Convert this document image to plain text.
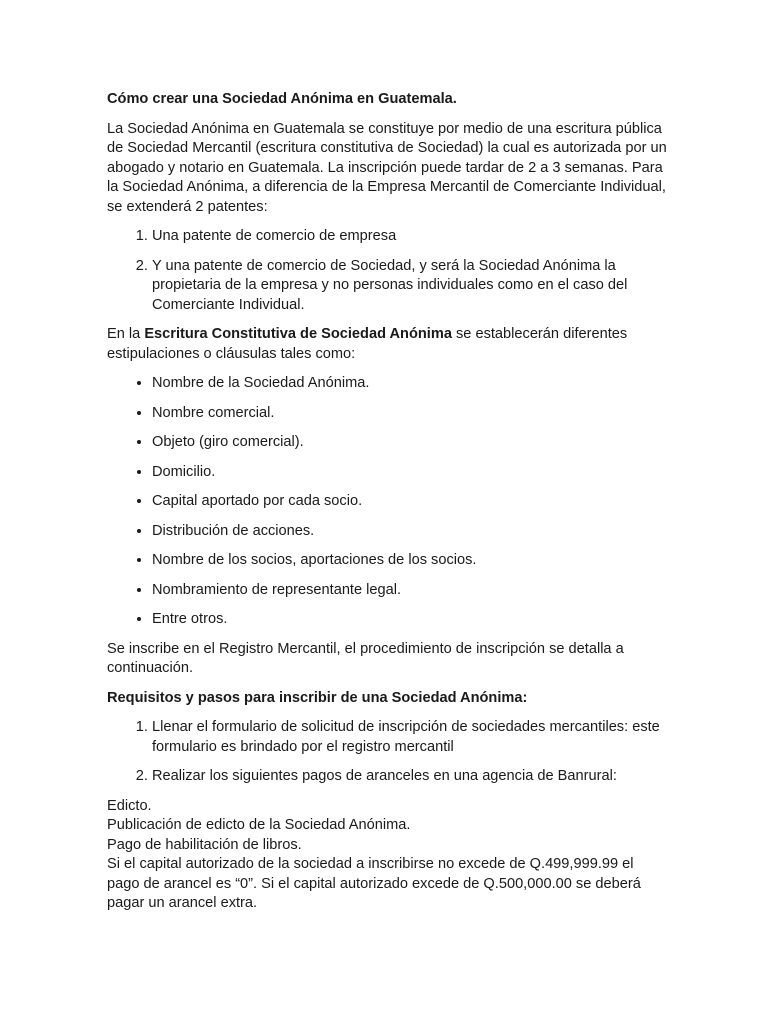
Cómo crear una Sociedad Anónima en Guatemala.

La Sociedad Anónima en Guatemala se constituye por medio de una escritura pública de Sociedad Mercantil (escritura constitutiva de Sociedad) la cual es autorizada por un abogado y notario en Guatemala. La inscripción puede tardar de 2 a 3 semanas. Para la Sociedad Anónima, a diferencia de la Empresa Mercantil de Comerciante Individual, se extenderá 2 patentes:

1. Una patente de comercio de empresa
2. Y una patente de comercio de Sociedad, y será la Sociedad Anónima la propietaria de la empresa y no personas individuales como en el caso del Comerciante Individual.

En la Escritura Constitutiva de Sociedad Anónima se establecerán diferentes estipulaciones o cláusulas tales como:

• Nombre de la Sociedad Anónima.
• Nombre comercial.
• Objeto (giro comercial).
• Domicilio.
• Capital aportado por cada socio.
• Distribución de acciones.
• Nombre de los socios, aportaciones de los socios.
• Nombramiento de representante legal.
• Entre otros.

Se inscribe en el Registro Mercantil, el procedimiento de inscripción se detalla a continuación.

Requisitos y pasos para inscribir de una Sociedad Anónima:

1. Llenar el formulario de solicitud de inscripción de sociedades mercantiles: este formulario es brindado por el registro mercantil
2. Realizar los siguientes pagos de aranceles en una agencia de Banrural:

Edicto.

Publicación de edicto de la Sociedad Anónima.

Pago de habilitación de libros.

Si el capital autorizado de la sociedad a inscribirse no excede de Q.499,999.99 el pago de arancel es “0”. Si el capital autorizado excede de Q.500,000.00 se deberá pagar un arancel extra.
